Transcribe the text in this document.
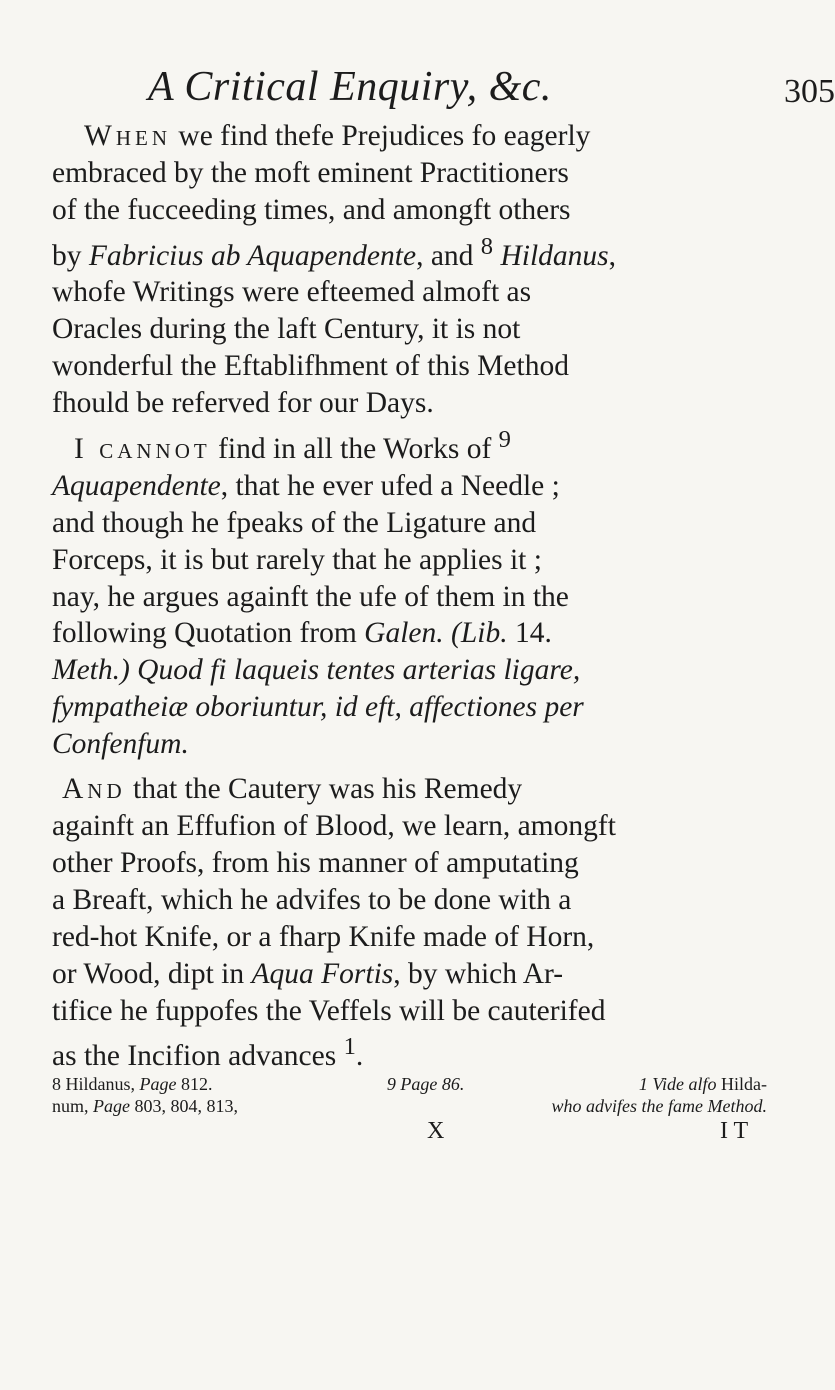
A Critical Enquiry, &c.	305

When we find thefe Prejudices fo eagerly
embraced by the moft eminent Practitioners
of the fucceeding times, and amongft others
by Fabricius ab Aquapendente, and $^8$ Hildanus,
whofe Writings were efteemed almoft as
Oracles during the laft Century, it is not
wonderful the Eftablifhment of this Method
fhould be referved for our Days.

I cannot find in all the Works of $^9$
Aquapendente, that he ever ufed a Needle ;
and though he fpeaks of the Ligature and
Forceps, it is but rarely that he applies it ;
nay, he argues againft the ufe of them in the
following Quotation from Galen. (Lib. 14.
Meth.) Quod fi laqueis tentes arterias ligare,
fympatheiæ oboriuntur, id eft, affectiones per
Confenfum.

And that the Cautery was his Remedy
againft an Effufion of Blood, we learn, amongft
other Proofs, from his manner of amputating
a Breaft, which he advifes to be done with a
red-hot Knife, or a fharp Knife made of Horn,
or Wood, dipt in Aqua Fortis, by which Ar-
tifice he fuppofes the Veffels will be cauterifed
as the Incifion advances $^1$.

8 Hildanus, Page 812.	9 Page 86.	1 Vide alfo Hilda-
num, Page 803, 804, 813,	who advifes the fame Method.
X	I T
